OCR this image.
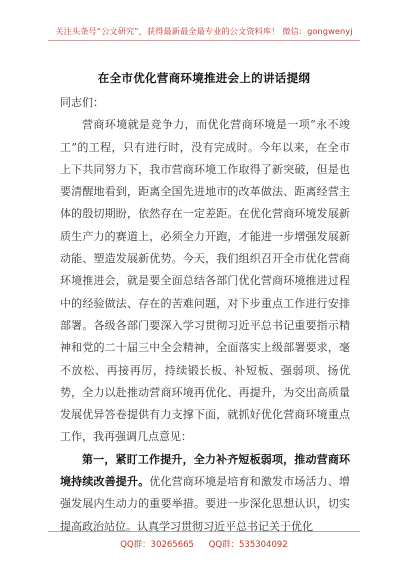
关注头条号“公文研究”，获得最新最全最专业的公文资料库！ 微信：gongwenyj
在全市优化营商环境推进会上的讲话提纲

同志们：

营商环境就是竞争力，而优化营商环境是一项“永不竣工”的工程，只有进行时，没有完成时。今年以来，在全市上下共同努力下，我市营商环境工作取得了新突破，但是也要清醒地看到，距离全国先进地市的改革做法、距离经营主体的殷切期盼，依然存在一定差距。在优化营商环境发展新质生产力的赛道上，必须全力开跑，才能进一步增强发展新动能、塑造发展新优势。今天，我们组织召开全市优化营商环境推进会，就是要全面总结各部门优化营商环境推进过程中的经验做法、存在的苦难问题，对下步重点工作进行安排部署。各级各部门要深入学习贯彻习近平总书记重要指示精神和党的二十届三中全会精神，全面落实上级部署要求，毫不放松、再接再厉，持续锻长板、补短板、强弱项、扬优势，全力以赴推动营商环境再优化、再提升，为交出高质量发展优异答卷提供有力支撑下面，就抓好优化营商环境重点工作，我再强调几点意见：

第一，紧盯工作提升，全力补齐短板弱项，推动营商环境持续改善提升。优化营商环境是培育和激发市场活力、增强发展内生动力的重要举措。要进一步深化思想认识，切实提高政治站位。认真学习贯彻习近平总书记关于优化

QQ群：30265665 QQ群：535304092
